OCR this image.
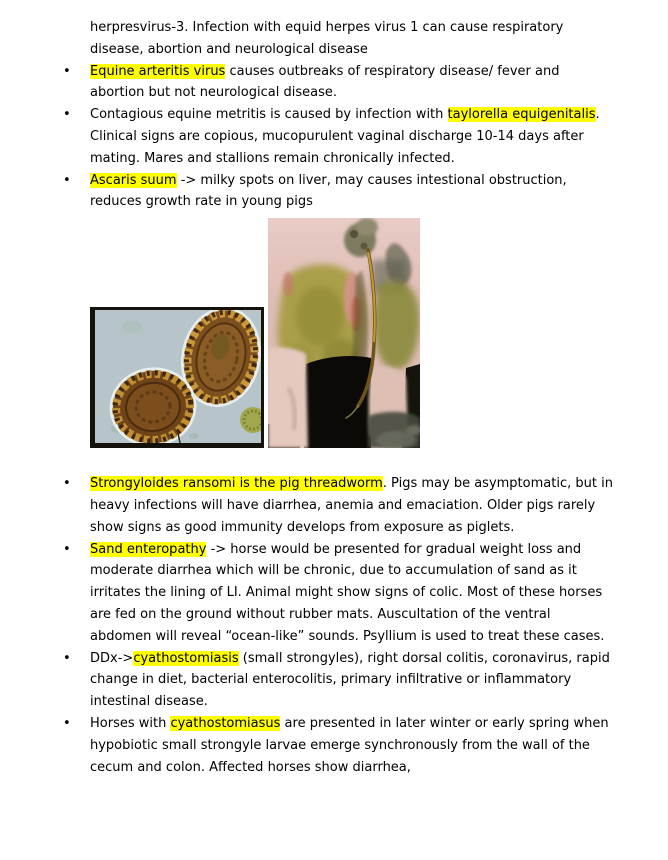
herpresvirus-3. Infection with equid herpes virus 1 can cause respiratory disease, abortion and neurological disease

• Equine arteritis virus causes outbreaks of respiratory disease/ fever and abortion but not neurological disease.
• Contagious equine metritis is caused by infection with taylorella equigenitalis. Clinical signs are copious, mucopurulent vaginal discharge 10-14 days after mating. Mares and stallions remain chronically infected.
• Ascaris suum -> milky spots on liver, may causes intestional obstruction, reduces growth rate in young pigs
• Strongyloides ransomi is the pig threadworm. Pigs may be asymptomatic, but in heavy infections will have diarrhea, anemia and emaciation. Older pigs rarely show signs as good immunity develops from exposure as piglets.
• Sand enteropathy -> horse would be presented for gradual weight loss and moderate diarrhea which will be chronic, due to accumulation of sand as it irritates the lining of LI. Animal might show signs of colic. Most of these horses are fed on the ground without rubber mats. Auscultation of the ventral abdomen will reveal “ocean-like” sounds. Psyllium is used to treat these cases.
• DDx->cyathostomiasis (small strongyles), right dorsal colitis, coronavirus, rapid change in diet, bacterial enterocolitis, primary infiltrative or inflammatory intestinal disease.
• Horses with cyathostomiasus are presented in later winter or early spring when hypobiotic small strongyle larvae emerge synchronously from the wall of the cecum and colon. Affected horses show diarrhea,
